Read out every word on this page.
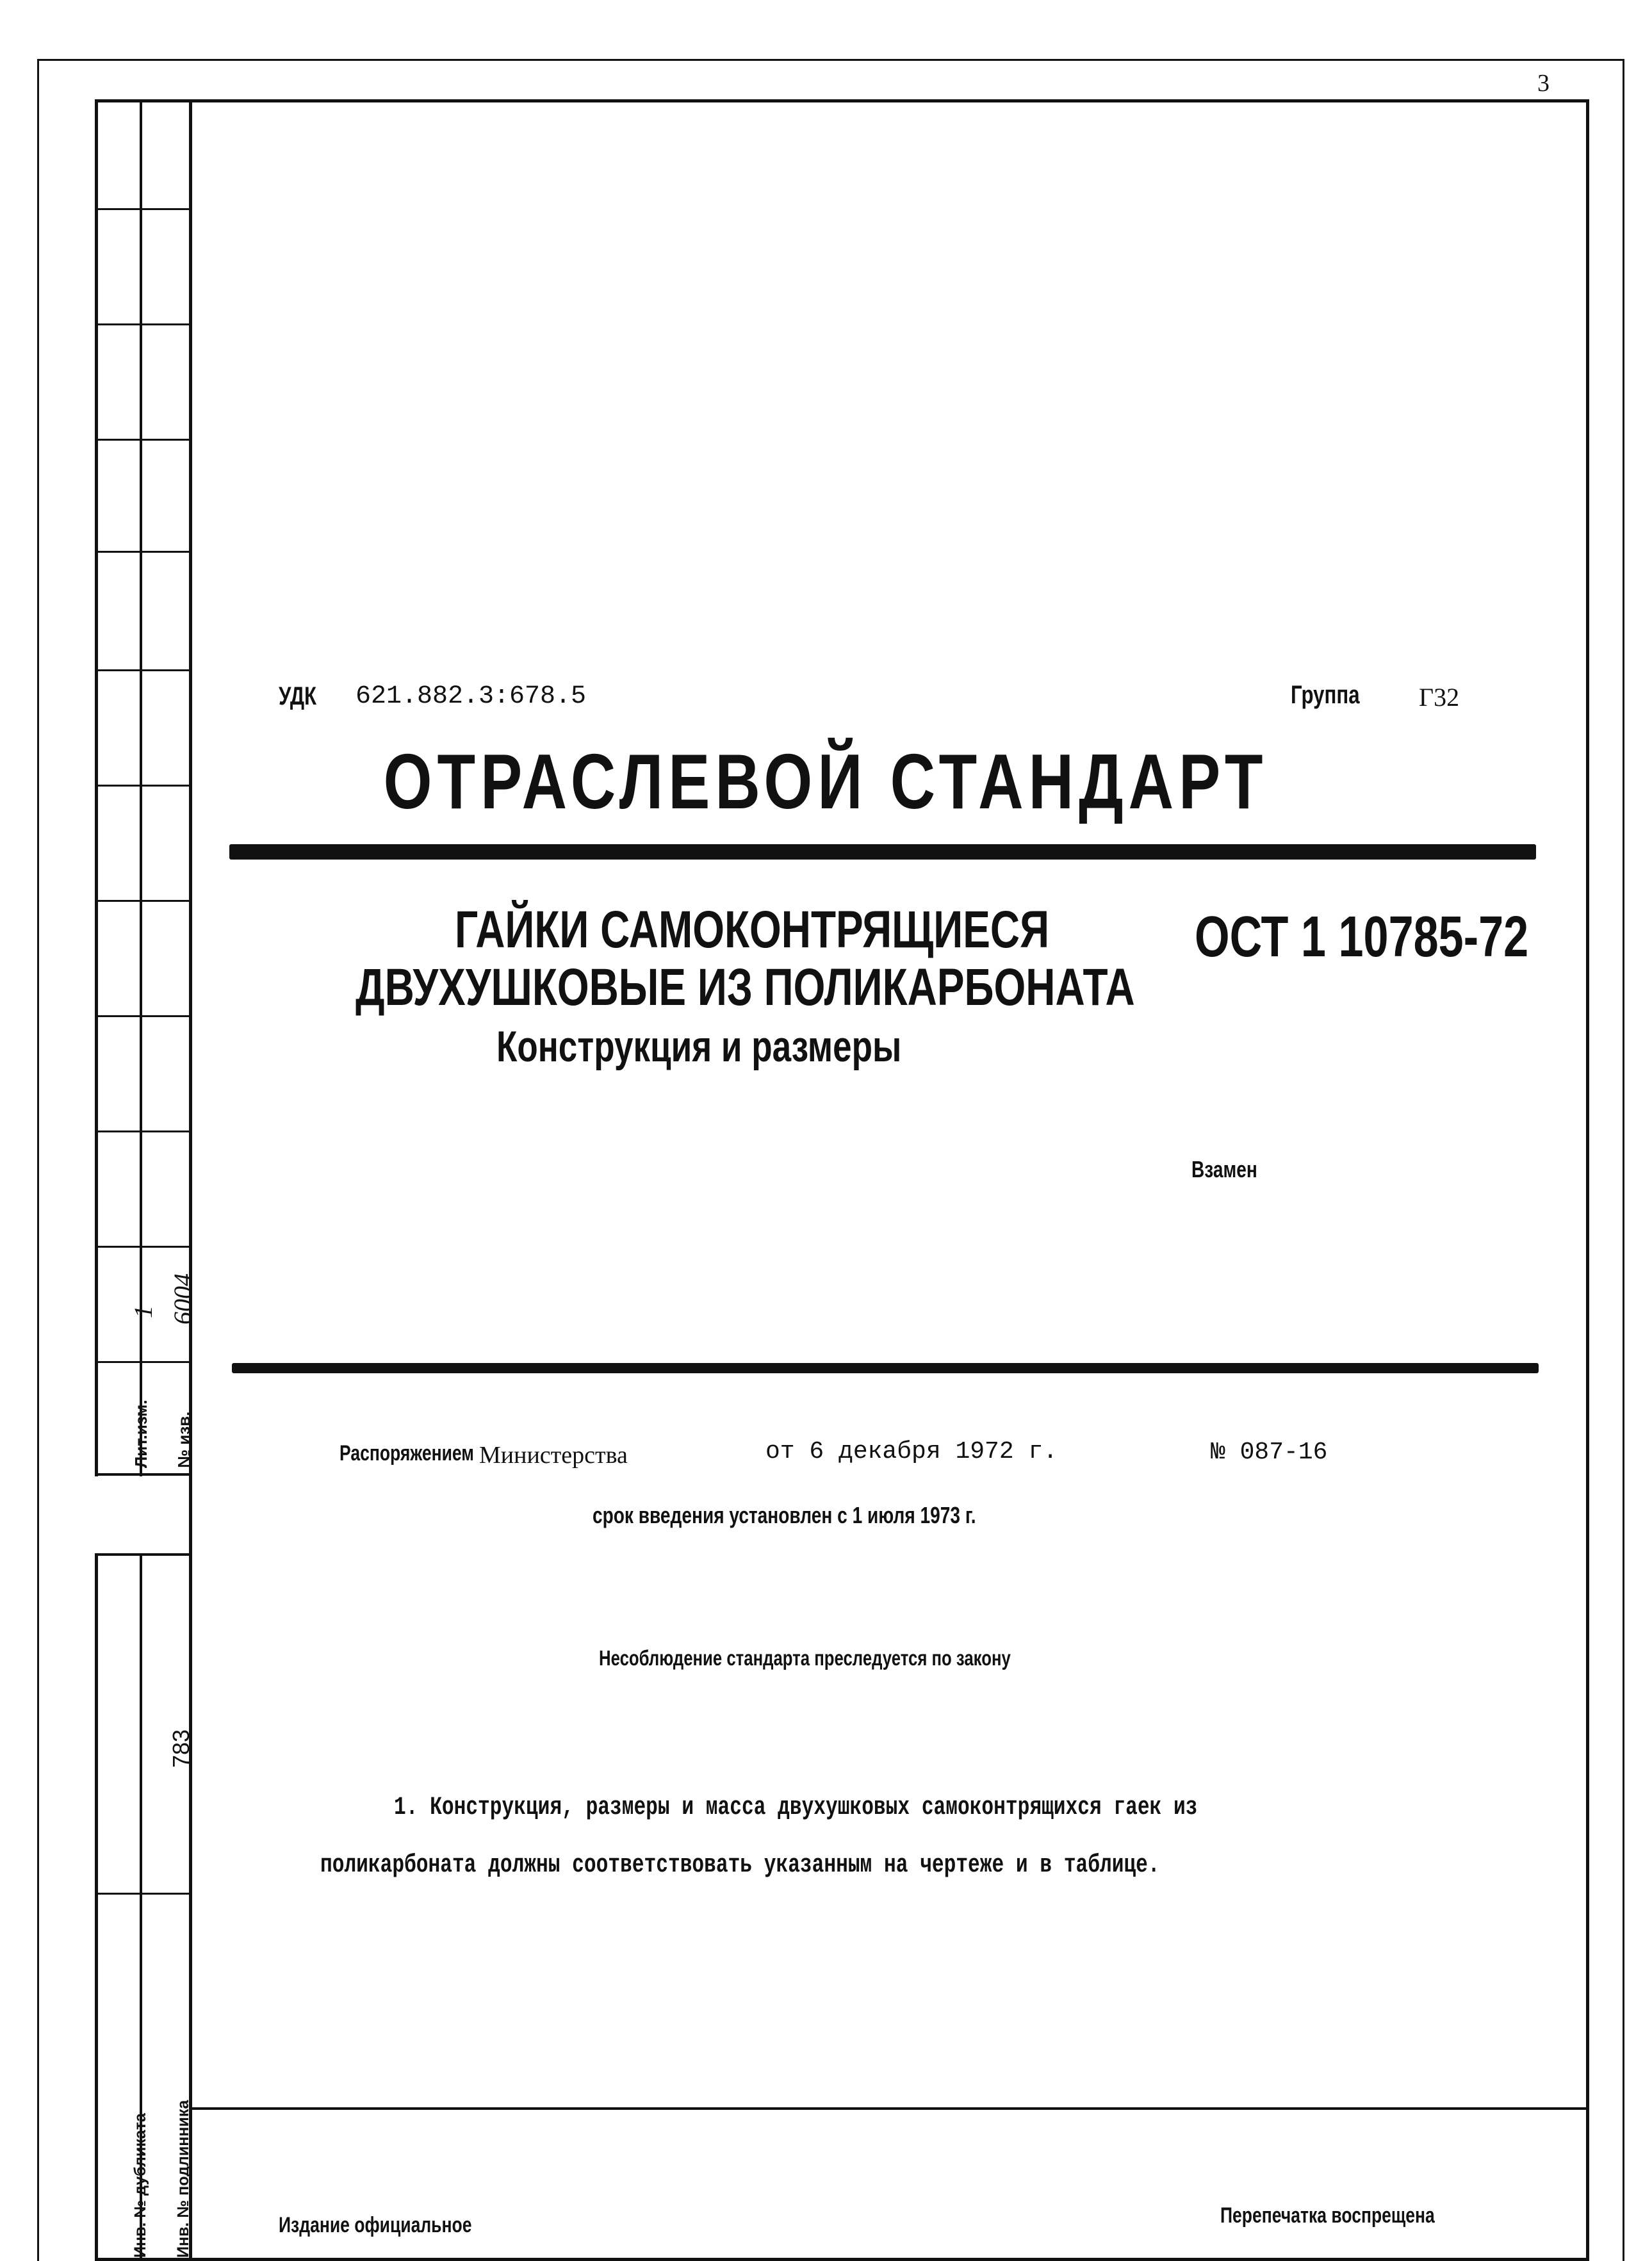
3
УДК	621.882.3:678.5	Группа	Г32
ОТРАСЛЕВОЙ СТАНДАРТ
ГАЙКИ САМОКОНТРЯЩИЕСЯ
ДВУХУШКОВЫЕ ИЗ ПОЛИКАРБОНАТА
Конструкция и размеры
ОСТ 1 10785-72
Взамен
Распоряжением Министерства	от 6 декабря 1972 г.	№ 087-16
срок введения установлен с 1 июля 1973 г.
Несоблюдение стандарта преследуется по закону
1. Конструкция, размеры и масса двухушковых самоконтрящихся гаек из
поликарбоната должны соответствовать указанным на чертеже и в таблице.
Издание официальное	Перепечатка воспрещена
Лит.изм. № изв.
1 6004
Инв. № дубликата Инв. № подлинника
783
